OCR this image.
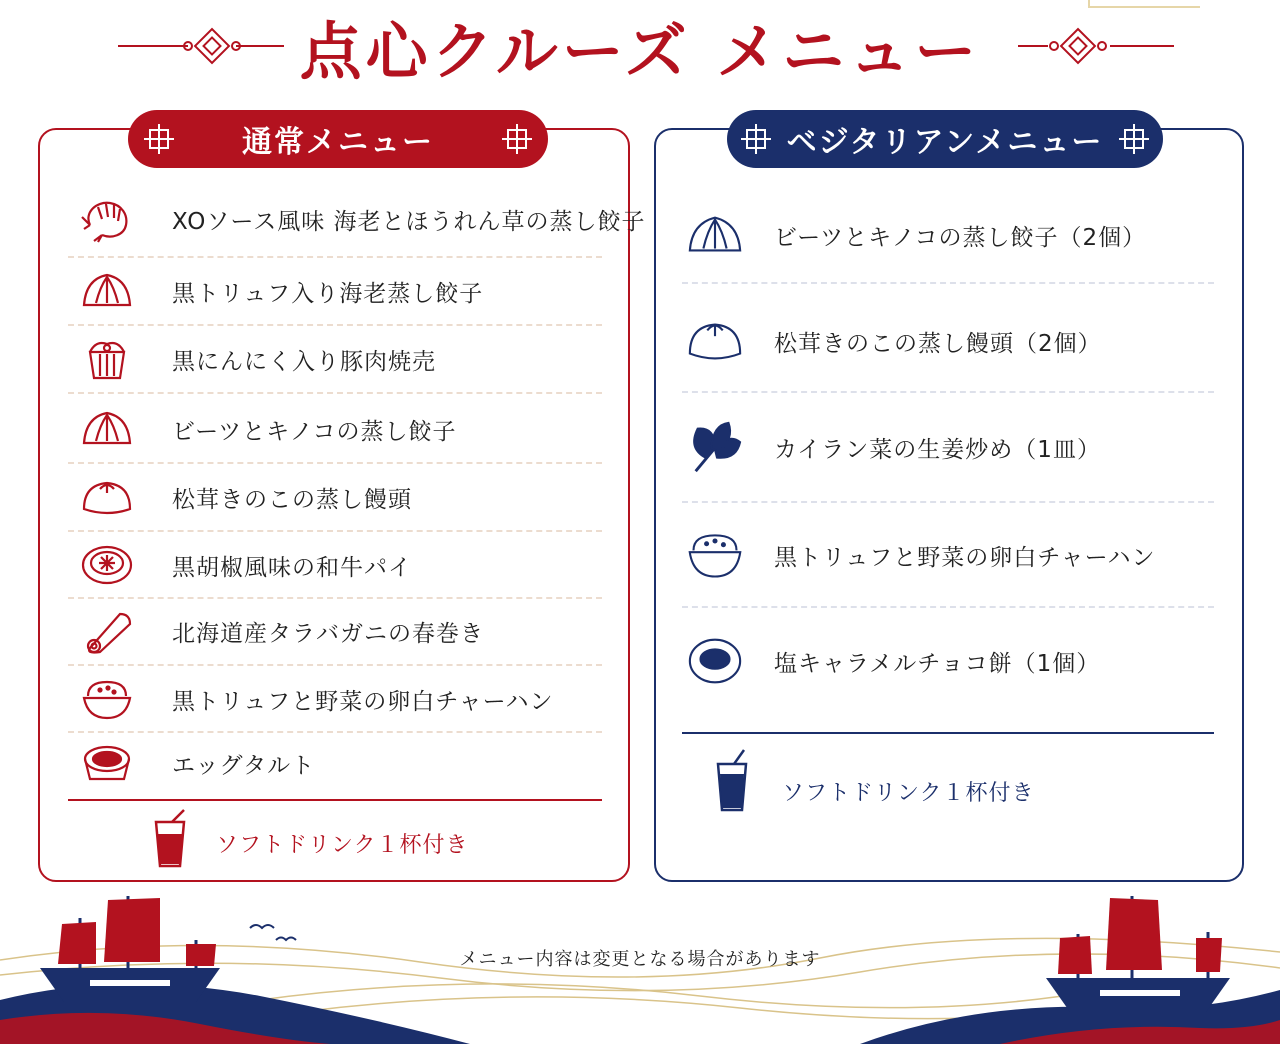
点心クルーズ メニュー
通常メニュー
XOソース風味 海老とほうれん草の蒸し餃子
黒トリュフ入り海老蒸し餃子
黒にんにく入り豚肉焼売
ビーツとキノコの蒸し餃子
松茸きのこの蒸し饅頭
黒胡椒風味の和牛パイ
北海道産タラバガニの春巻き
黒トリュフと野菜の卵白チャーハン
エッグタルト
ソフトドリンク１杯付き
ベジタリアンメニュー
ビーツとキノコの蒸し餃子（2個）
松茸きのこの蒸し饅頭（2個）
カイラン菜の生姜炒め（1皿）
黒トリュフと野菜の卵白チャーハン
塩キャラメルチョコ餅（1個）
ソフトドリンク１杯付き
メニュー内容は変更となる場合があります
